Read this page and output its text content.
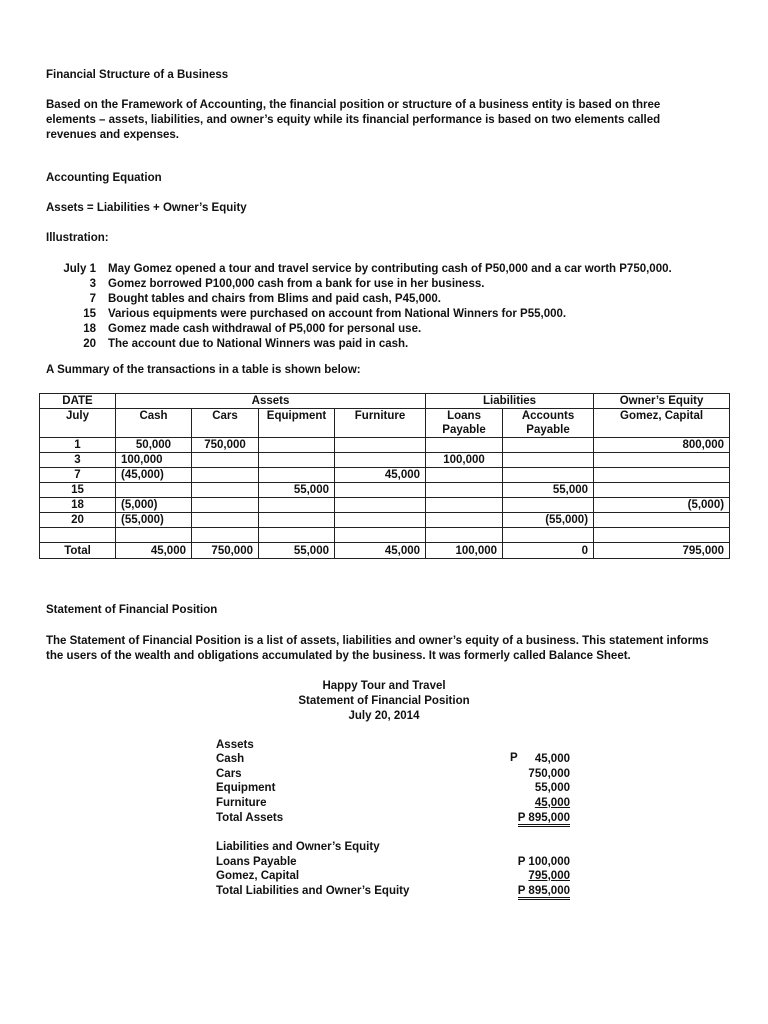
Financial Structure of a Business
Based on the Framework of Accounting, the financial position or structure of a business entity is based on three elements – assets, liabilities, and owner’s equity while its financial performance is based on two elements called revenues and expenses.
Accounting Equation
Assets = Liabilities + Owner’s Equity
Illustration:
July 1	May Gomez opened a tour and travel service by contributing cash of P50,000 and a car worth P750,000.
3	Gomez borrowed P100,000 cash from a bank for use in her business.
7	Bought tables and chairs from Blims and paid cash, P45,000.
15	Various equipments were purchased on account from National Winners for P55,000.
18	Gomez made cash withdrawal of P5,000 for personal use.
20	The account due to National Winners was paid in cash.
A Summary of the transactions in a table is shown below:
DATE	Assets				Liabilities		Owner’s Equity
July	Cash	Cars	Equipment	Furniture	Loans Payable	Accounts Payable	Gomez, Capital
1	50,000	750,000					800,000
3	100,000				100,000		
7	(45,000)			45,000			
15			55,000			55,000	
18	(5,000)						(5,000)
20	(55,000)					(55,000)	

Total	45,000	750,000	55,000	45,000	100,000	0	795,000
Statement of Financial Position
The Statement of Financial Position is a list of assets, liabilities and owner’s equity of a business. This statement informs the users of the wealth and obligations accumulated by the business. It was formerly called Balance Sheet.
Happy Tour and Travel
Statement of Financial Position
July 20, 2014
Assets
Cash	P	45,000
Cars	750,000
Equipment	55,000
Furniture	45,000
Total Assets	P 895,000
Liabilities and Owner’s Equity
Loans Payable	P 100,000
Gomez, Capital	795,000
Total Liabilities and Owner’s Equity	P 895,000
